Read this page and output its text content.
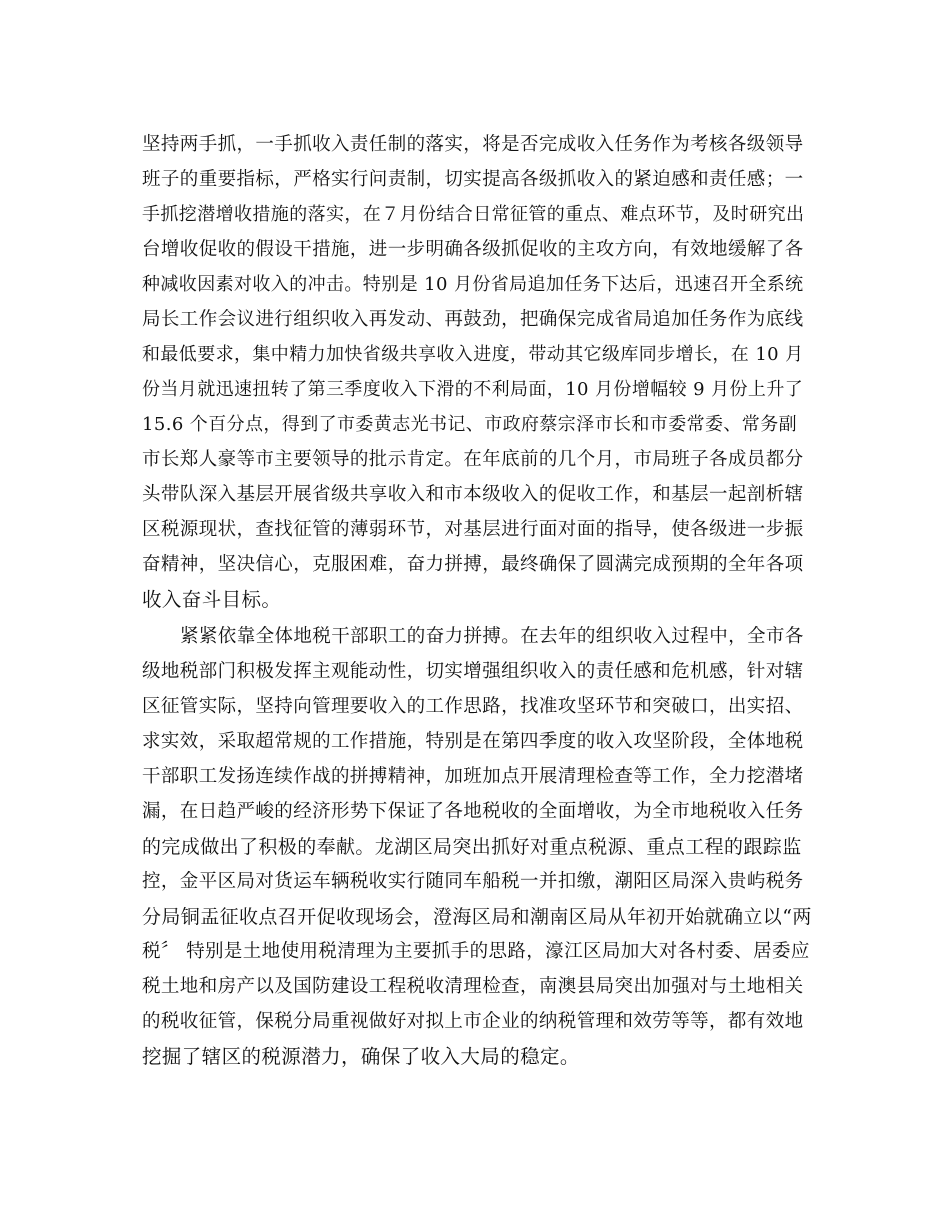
坚持两手抓，一手抓收入责任制的落实，将是否完成收入任务作为考核各级领导
班子的重要指标，严格实行问责制，切实提高各级抓收入的紧迫感和责任感；一
手抓挖潜增收措施的落实，在７月份结合日常征管的重点、难点环节，及时研究出
台增收促收的假设干措施，进一步明确各级抓促收的主攻方向，有效地缓解了各
种减收因素对收入的冲击。特别是 10 月份省局追加任务下达后，迅速召开全系统
局长工作会议进行组织收入再发动、再鼓劲，把确保完成省局追加任务作为底线
和最低要求，集中精力加快省级共享收入进度，带动其它级库同步增长，在 10 月
份当月就迅速扭转了第三季度收入下滑的不利局面，10 月份增幅较 9 月份上升了
15.6 个百分点，得到了市委黄志光书记、市政府蔡宗泽市长和市委常委、常务副
市长郑人豪等市主要领导的批示肯定。在年底前的几个月，市局班子各成员都分
头带队深入基层开展省级共享收入和市本级收入的促收工作，和基层一起剖析辖
区税源现状，查找征管的薄弱环节，对基层进行面对面的指导，使各级进一步振
奋精神，坚决信心，克服困难，奋力拼搏，最终确保了圆满完成预期的全年各项
收入奋斗目标。
紧紧依靠全体地税干部职工的奋力拼搏。在去年的组织收入过程中，全市各
级地税部门积极发挥主观能动性，切实增强组织收入的责任感和危机感，针对辖
区征管实际，坚持向管理要收入的工作思路，找准攻坚环节和突破口，出实招、
求实效，采取超常规的工作措施，特别是在第四季度的收入攻坚阶段，全体地税
干部职工发扬连续作战的拼搏精神，加班加点开展清理检查等工作，全力挖潜堵
漏，在日趋严峻的经济形势下保证了各地税收的全面增收，为全市地税收入任务
的完成做出了积极的奉献。龙湖区局突出抓好对重点税源、重点工程的跟踪监
控，金平区局对货运车辆税收实行随同车船税一并扣缴，潮阳区局深入贵屿税务
分局铜盂征收点召开促收现场会，澄海区局和潮南区局从年初开始就确立以“两
税〞 特别是土地使用税清理为主要抓手的思路，濠江区局加大对各村委、居委应
税土地和房产以及国防建设工程税收清理检查，南澳县局突出加强对与土地相关
的税收征管，保税分局重视做好对拟上市企业的纳税管理和效劳等等，都有效地
挖掘了辖区的税源潜力，确保了收入大局的稳定。
